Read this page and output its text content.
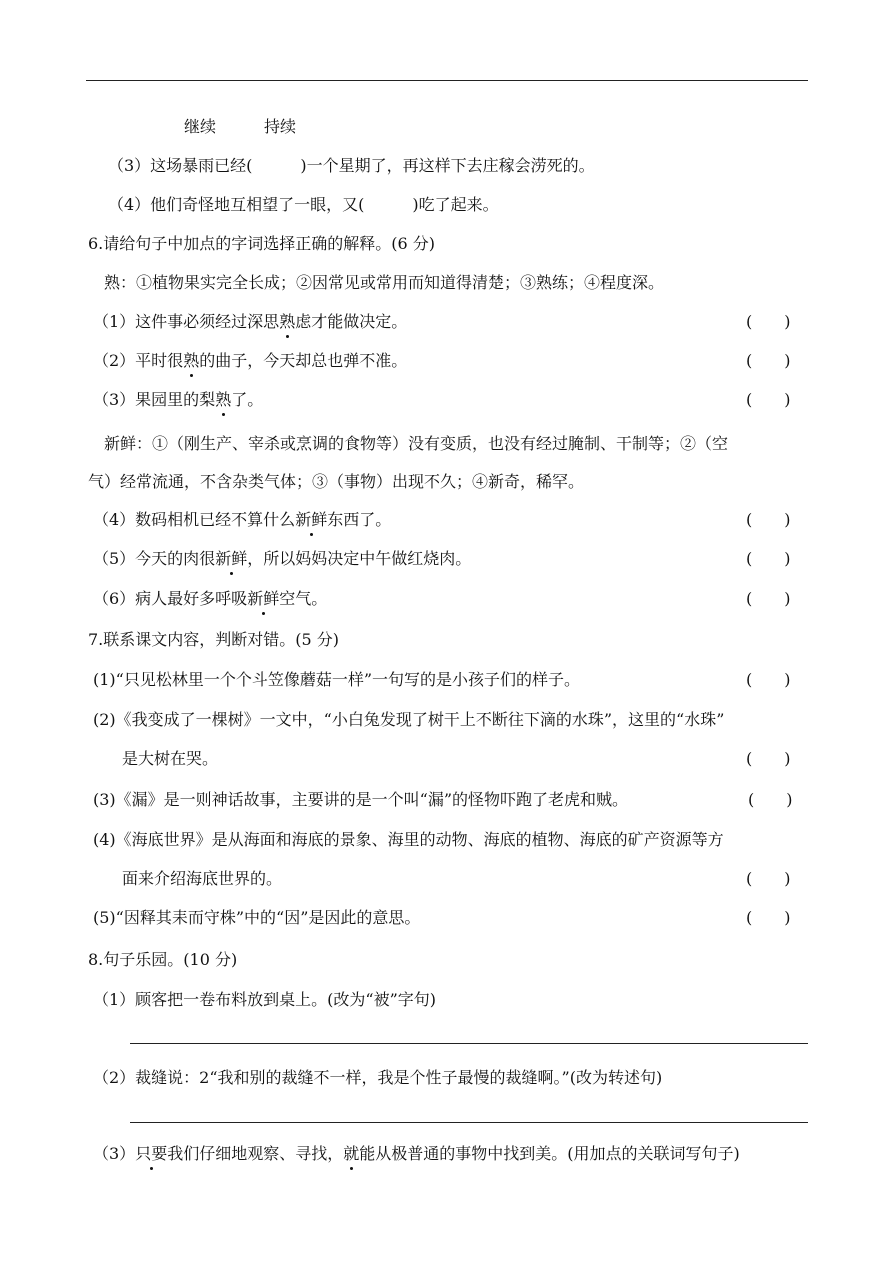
继续	持续
（3）这场暴雨已经(　　　)一个星期了，再这样下去庄稼会涝死的。
（4）他们奇怪地互相望了一眼，又(　　　)吃了起来。
6.请给句子中加点的字词选择正确的解释。(6 分)
熟：①植物果实完全长成；②因常见或常用而知道得清楚；③熟练；④程度深。
（1）这件事必须经过深思熟虑才能做决定。	(　　)
（2）平时很熟的曲子，今天却总也弹不准。	(　　)
（3）果园里的梨熟了。	(　　)
新鲜：①（刚生产、宰杀或烹调的食物等）没有变质，也没有经过腌制、干制等；②（空
气）经常流通，不含杂类气体；③（事物）出现不久；④新奇，稀罕。
（4）数码相机已经不算什么新鲜东西了。	(　　)
（5）今天的肉很新鲜，所以妈妈决定中午做红烧肉。	(　　)
（6）病人最好多呼吸新鲜空气。	(　　)
7.联系课文内容，判断对错。(5 分)
(1)“只见松林里一个个斗笠像蘑菇一样”一句写的是小孩子们的样子。	(　　)
(2)《我变成了一棵树》一文中，“小白兔发现了树干上不断往下滴的水珠”，这里的“水珠”
是大树在哭。	(　　)
(3)《漏》是一则神话故事，主要讲的是一个叫“漏”的怪物吓跑了老虎和贼。	(　　)
(4)《海底世界》是从海面和海底的景象、海里的动物、海底的植物、海底的矿产资源等方
面来介绍海底世界的。	(　　)
(5)“因释其耒而守株”中的“因”是因此的意思。	(　　)
8.句子乐园。(10 分)
（1）顾客把一卷布料放到桌上。(改为“被”字句)
（2）裁缝说：2“我和别的裁缝不一样，我是个性子最慢的裁缝啊。”(改为转述句)
（3）只要我们仔细地观察、寻找，就能从极普通的事物中找到美。(用加点的关联词写句子)
